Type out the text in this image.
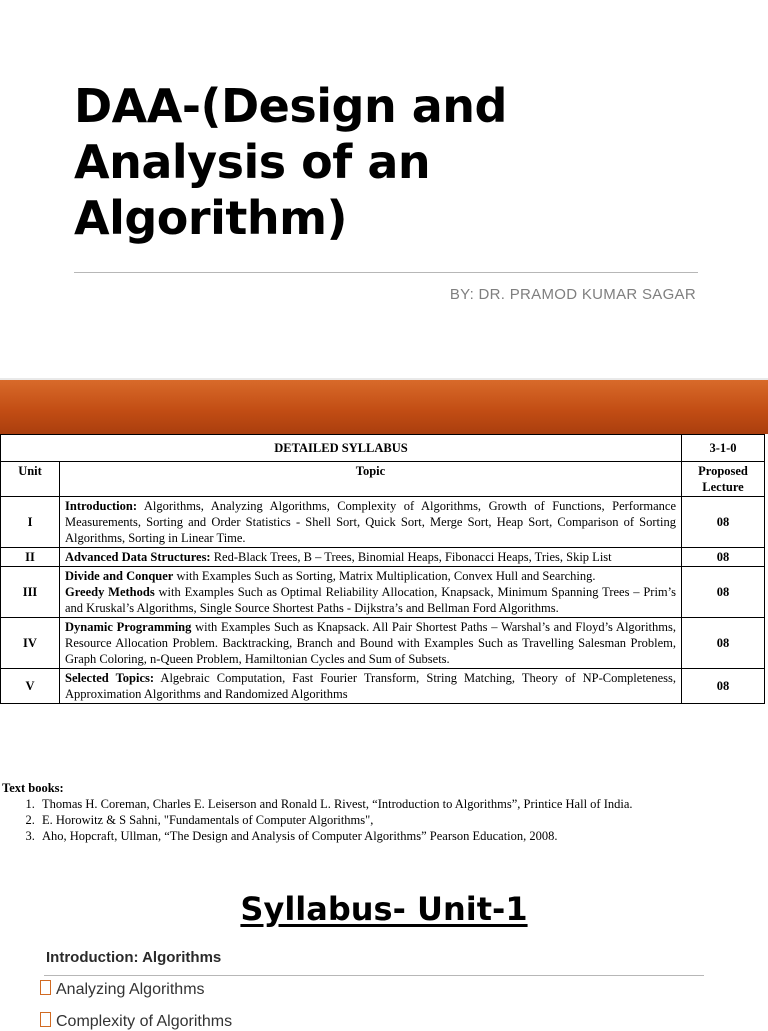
DAA-(Design and
Analysis of an
Algorithm)
BY: DR. PRAMOD KUMAR SAGAR
DETAILED SYLLABUS		3-1-0
Unit	Topic	Proposed Lecture
I	Introduction: Algorithms, Analyzing Algorithms, Complexity of Algorithms, Growth of Functions, Performance Measurements, Sorting and Order Statistics - Shell Sort, Quick Sort, Merge Sort, Heap Sort, Comparison of Sorting Algorithms, Sorting in Linear Time.	08
II	Advanced Data Structures: Red-Black Trees, B – Trees, Binomial Heaps, Fibonacci Heaps, Tries, Skip List	08
III	Divide and Conquer with Examples Such as Sorting, Matrix Multiplication, Convex Hull and Searching.
Greedy Methods with Examples Such as Optimal Reliability Allocation, Knapsack, Minimum Spanning Trees – Prim’s and Kruskal’s Algorithms, Single Source Shortest Paths - Dijkstra’s and Bellman Ford Algorithms.	08
IV	Dynamic Programming with Examples Such as Knapsack. All Pair Shortest Paths – Warshal’s and Floyd’s Algorithms, Resource Allocation Problem. Backtracking, Branch and Bound with Examples Such as Travelling Salesman Problem, Graph Coloring, n-Queen Problem, Hamiltonian Cycles and Sum of Subsets.	08
V	Selected Topics: Algebraic Computation, Fast Fourier Transform, String Matching, Theory of NP-Completeness, Approximation Algorithms and Randomized Algorithms	08
Text books:
1. Thomas H. Coreman, Charles E. Leiserson and Ronald L. Rivest, “Introduction to Algorithms”, Printice Hall of India.
2. E. Horowitz & S Sahni, "Fundamentals of Computer Algorithms",
3. Aho, Hopcraft, Ullman, “The Design and Analysis of Computer Algorithms” Pearson Education, 2008.
Syllabus- Unit-1
Introduction: Algorithms
Analyzing Algorithms
Complexity of Algorithms
